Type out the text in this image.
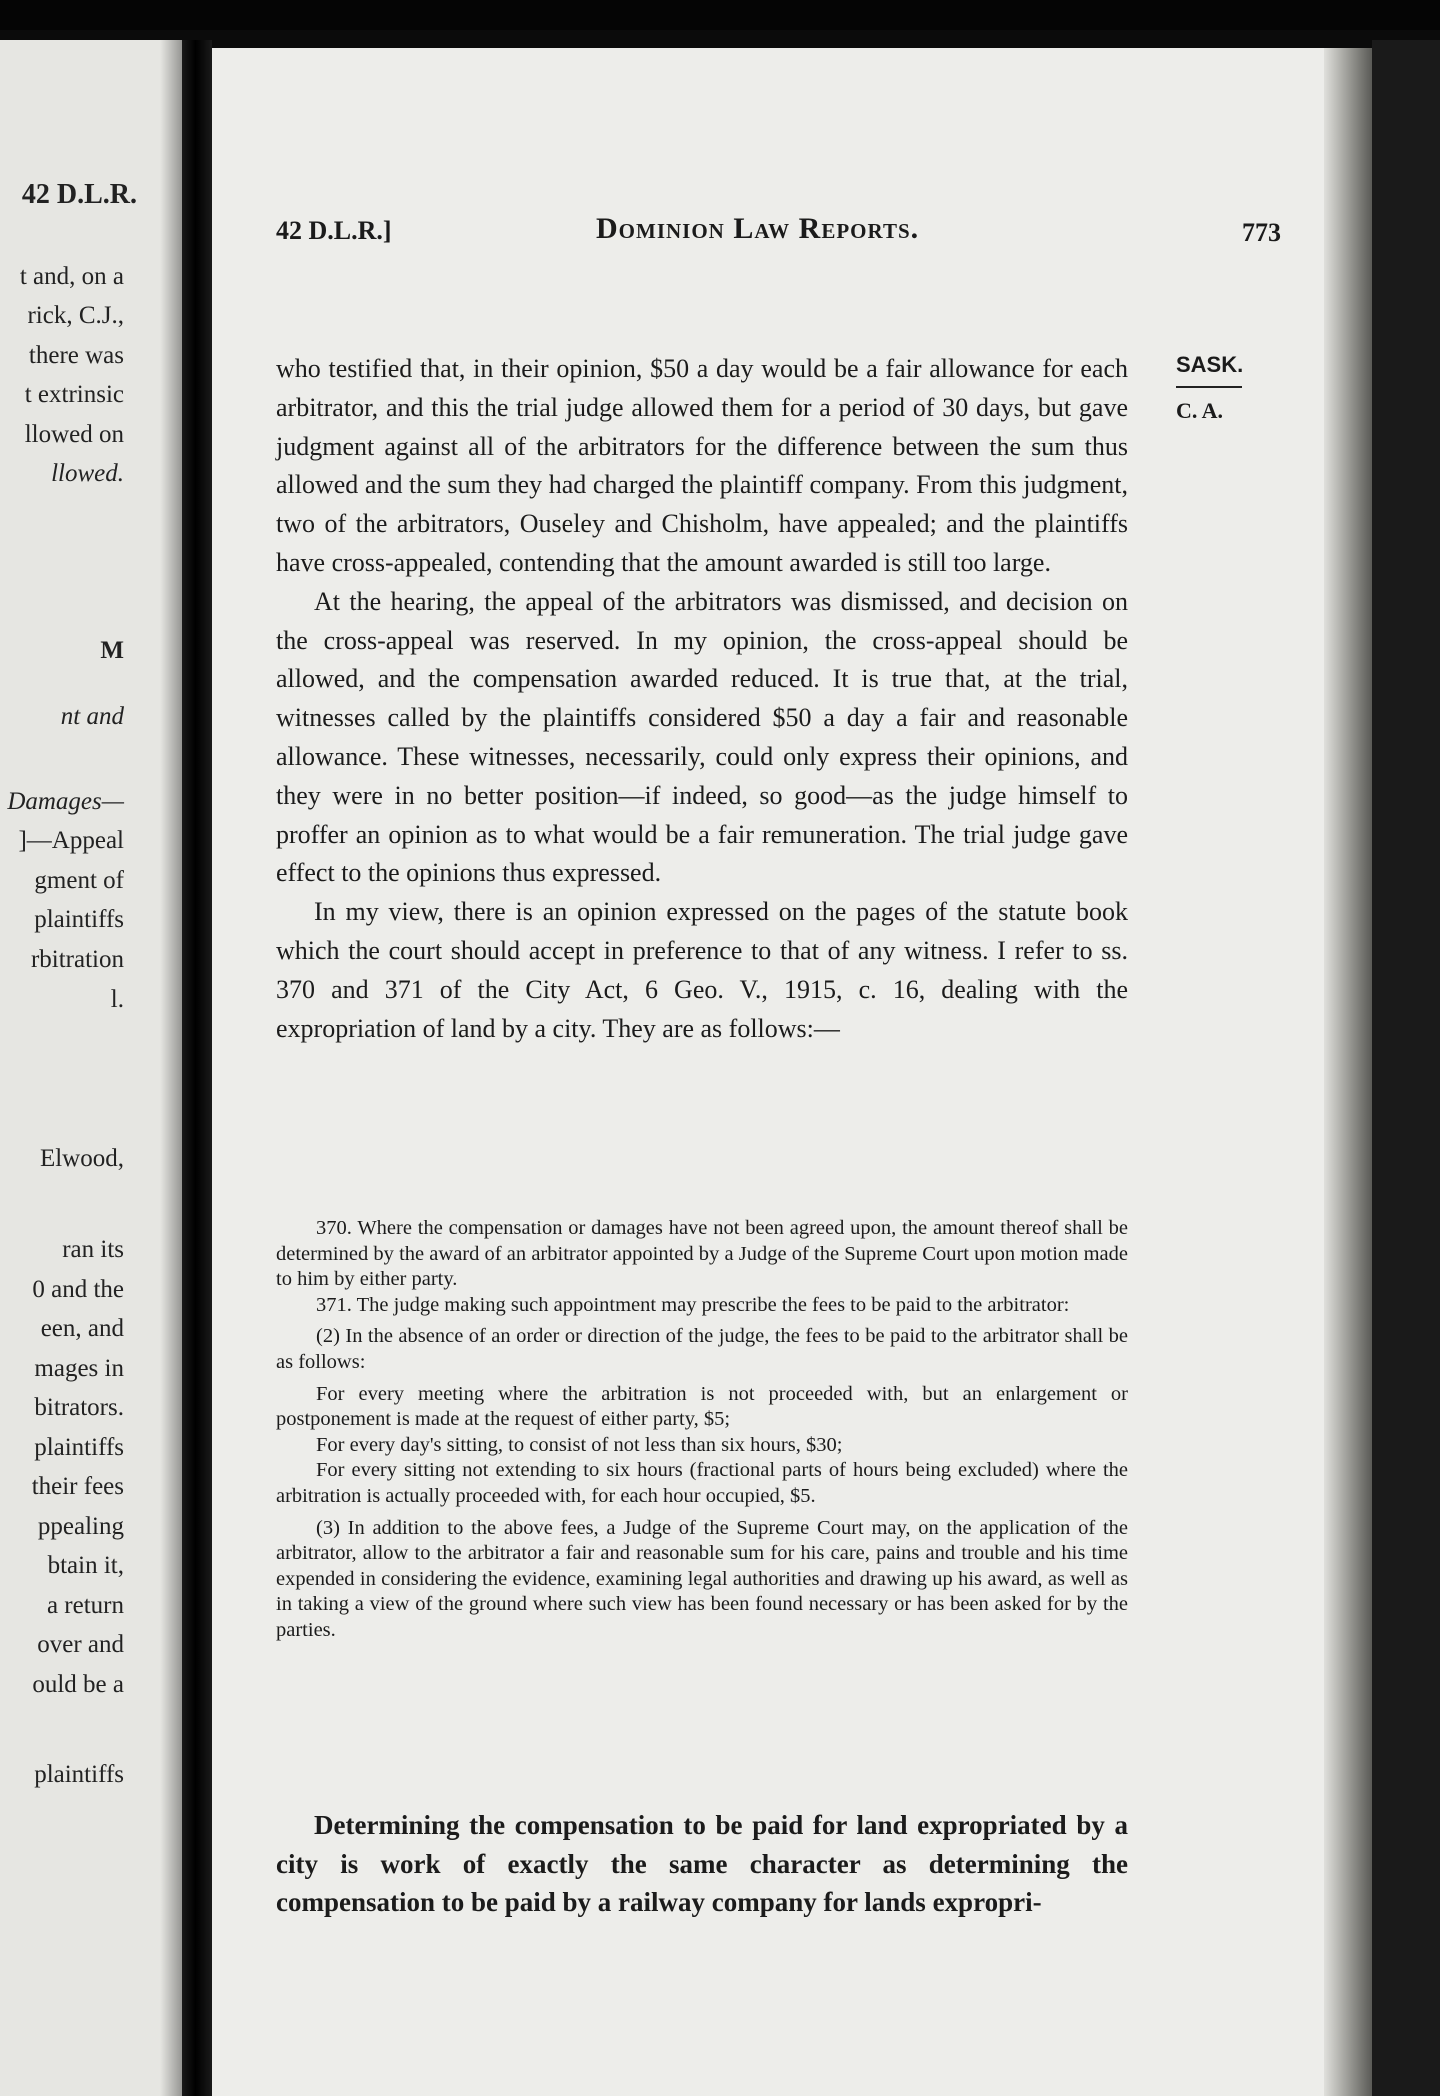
42 D.L.R.
t and, on a
rick, C.J.,
there was
t extrinsic
llowed on
llowed.
M
nt and
Damages—
]—Appeal
gment of
plaintiffs
rbitration
l.
Elwood,
ran its
0 and the
een, and
mages in
bitrators.
plaintiffs
their fees
ppealing
btain it,
a return
over and
ould be a
plaintiffs
42 D.L.R.]	Dominion Law Reports.	773
SASK.
C. A.

who testified that, in their opinion, $50 a day would be a fair allowance for each arbitrator, and this the trial judge allowed them for a period of 30 days, but gave judgment against all of the arbitrators for the difference between the sum thus allowed and the sum they had charged the plaintiff company. From this judgment, two of the arbitrators, Ouseley and Chisholm, have appealed; and the plaintiffs have cross-appealed, contending that the amount awarded is still too large.

At the hearing, the appeal of the arbitrators was dismissed, and decision on the cross-appeal was reserved. In my opinion, the cross-appeal should be allowed, and the compensation awarded reduced. It is true that, at the trial, witnesses called by the plaintiffs considered $50 a day a fair and reasonable allowance. These witnesses, necessarily, could only express their opinions, and they were in no better position—if indeed, so good—as the judge himself to proffer an opinion as to what would be a fair remuneration. The trial judge gave effect to the opinions thus expressed.

In my view, there is an opinion expressed on the pages of the statute book which the court should accept in preference to that of any witness. I refer to ss. 370 and 371 of the City Act, 6 Geo. V., 1915, c. 16, dealing with the expropriation of land by a city. They are as follows:—

370. Where the compensation or damages have not been agreed upon, the amount thereof shall be determined by the award of an arbitrator appointed by a Judge of the Supreme Court upon motion made to him by either party.

371. The judge making such appointment may prescribe the fees to be paid to the arbitrator:

(2) In the absence of an order or direction of the judge, the fees to be paid to the arbitrator shall be as follows:

For every meeting where the arbitration is not proceeded with, but an enlargement or postponement is made at the request of either party, $5;

For every day's sitting, to consist of not less than six hours, $30;

For every sitting not extending to six hours (fractional parts of hours being excluded) where the arbitration is actually proceeded with, for each hour occupied, $5.

(3) In addition to the above fees, a Judge of the Supreme Court may, on the application of the arbitrator, allow to the arbitrator a fair and reasonable sum for his care, pains and trouble and his time expended in considering the evidence, examining legal authorities and drawing up his award, as well as in taking a view of the ground where such view has been found necessary or has been asked for by the parties.

Determining the compensation to be paid for land expropriated by a city is work of exactly the same character as determining the compensation to be paid by a railway company for lands expropri-
